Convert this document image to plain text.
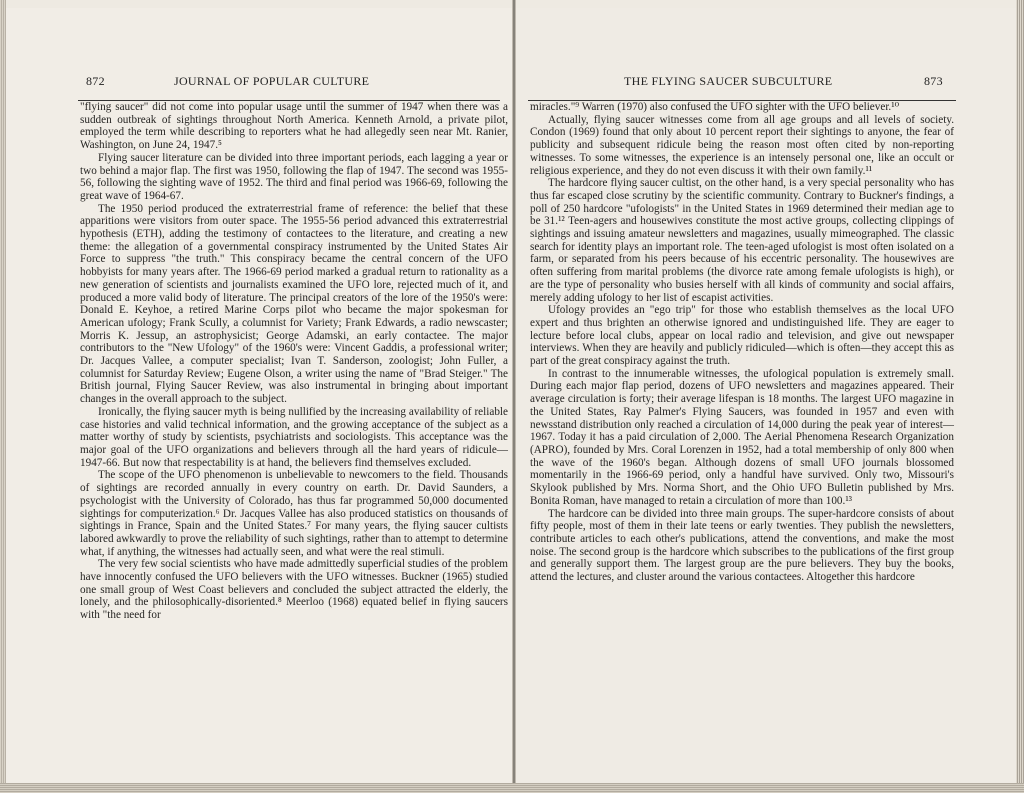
872	JOURNAL OF POPULAR CULTURE

"flying saucer" did not come into popular usage until the summer of 1947 when there was a sudden outbreak of sightings throughout North America. Kenneth Arnold, a private pilot, employed the term while describing to reporters what he had allegedly seen near Mt. Ranier, Washington, on June 24, 1947.⁵

Flying saucer literature can be divided into three important periods, each lagging a year or two behind a major flap. The first was 1950, following the flap of 1947. The second was 1955-56, following the sighting wave of 1952. The third and final period was 1966-69, following the great wave of 1964-67.

The 1950 period produced the extraterrestrial frame of reference: the belief that these apparitions were visitors from outer space. The 1955-56 period advanced this extraterrestrial hypothesis (ETH), adding the testimony of contactees to the literature, and creating a new theme: the allegation of a governmental conspiracy instrumented by the United States Air Force to suppress "the truth." This conspiracy became the central concern of the UFO hobbyists for many years after. The 1966-69 period marked a gradual return to rationality as a new generation of scientists and journalists examined the UFO lore, rejected much of it, and produced a more valid body of literature. The principal creators of the lore of the 1950's were: Donald E. Keyhoe, a retired Marine Corps pilot who became the major spokesman for American ufology; Frank Scully, a columnist for Variety; Frank Edwards, a radio newscaster; Morris K. Jessup, an astrophysicist; George Adamski, an early contactee. The major contributors to the "New Ufology" of the 1960's were: Vincent Gaddis, a professional writer; Dr. Jacques Vallee, a computer specialist; Ivan T. Sanderson, zoologist; John Fuller, a columnist for Saturday Review; Eugene Olson, a writer using the name of "Brad Steiger." The British journal, Flying Saucer Review, was also instrumental in bringing about important changes in the overall approach to the subject.

Ironically, the flying saucer myth is being nullified by the increasing availability of reliable case histories and valid technical information, and the growing acceptance of the subject as a matter worthy of study by scientists, psychiatrists and sociologists. This acceptance was the major goal of the UFO organizations and believers through all the hard years of ridicule—1947-66. But now that respectability is at hand, the believers find themselves excluded.

The scope of the UFO phenomenon is unbelievable to newcomers to the field. Thousands of sightings are recorded annually in every country on earth. Dr. David Saunders, a psychologist with the University of Colorado, has thus far programmed 50,000 documented sightings for computerization.⁶ Dr. Jacques Vallee has also produced statistics on thousands of sightings in France, Spain and the United States.⁷ For many years, the flying saucer cultists labored awkwardly to prove the reliability of such sightings, rather than to attempt to determine what, if anything, the witnesses had actually seen, and what were the real stimuli.

The very few social scientists who have made admittedly superficial studies of the problem have innocently confused the UFO believers with the UFO witnesses. Buckner (1965) studied one small group of West Coast believers and concluded the subject attracted the elderly, the lonely, and the philosophically-disoriented.⁸ Meerloo (1968) equated belief in flying saucers with "the need for

THE FLYING SAUCER SUBCULTURE	873

miracles."⁹ Warren (1970) also confused the UFO sighter with the UFO believer.¹⁰

Actually, flying saucer witnesses come from all age groups and all levels of society. Condon (1969) found that only about 10 percent report their sightings to anyone, the fear of publicity and subsequent ridicule being the reason most often cited by non-reporting witnesses. To some witnesses, the experience is an intensely personal one, like an occult or religious experience, and they do not even discuss it with their own family.¹¹

The hardcore flying saucer cultist, on the other hand, is a very special personality who has thus far escaped close scrutiny by the scientific community. Contrary to Buckner's findings, a poll of 250 hardcore "ufologists" in the United States in 1969 determined their median age to be 31.¹² Teen-agers and housewives constitute the most active groups, collecting clippings of sightings and issuing amateur newsletters and magazines, usually mimeographed. The classic search for identity plays an important role. The teen-aged ufologist is most often isolated on a farm, or separated from his peers because of his eccentric personality. The housewives are often suffering from marital problems (the divorce rate among female ufologists is high), or are the type of personality who busies herself with all kinds of community and social affairs, merely adding ufology to her list of escapist activities.

Ufology provides an "ego trip" for those who establish themselves as the local UFO expert and thus brighten an otherwise ignored and undistinguished life. They are eager to lecture before local clubs, appear on local radio and television, and give out newspaper interviews. When they are heavily and publicly ridiculed—which is often—they accept this as part of the great conspiracy against the truth.

In contrast to the innumerable witnesses, the ufological population is extremely small. During each major flap period, dozens of UFO newsletters and magazines appeared. Their average circulation is forty; their average lifespan is 18 months. The largest UFO magazine in the United States, Ray Palmer's Flying Saucers, was founded in 1957 and even with newsstand distribution only reached a circulation of 14,000 during the peak year of interest—1967. Today it has a paid circulation of 2,000. The Aerial Phenomena Research Organization (APRO), founded by Mrs. Coral Lorenzen in 1952, had a total membership of only 800 when the wave of the 1960's began. Although dozens of small UFO journals blossomed momentarily in the 1966-69 period, only a handful have survived. Only two, Missouri's Skylook published by Mrs. Norma Short, and the Ohio UFO Bulletin published by Mrs. Bonita Roman, have managed to retain a circulation of more than 100.¹³

The hardcore can be divided into three main groups. The super-hardcore consists of about fifty people, most of them in their late teens or early twenties. They publish the newsletters, contribute articles to each other's publications, attend the conventions, and make the most noise. The second group is the hardcore which subscribes to the publications of the first group and generally support them. The largest group are the pure believers. They buy the books, attend the lectures, and cluster around the various contactees. Altogether this hardcore
